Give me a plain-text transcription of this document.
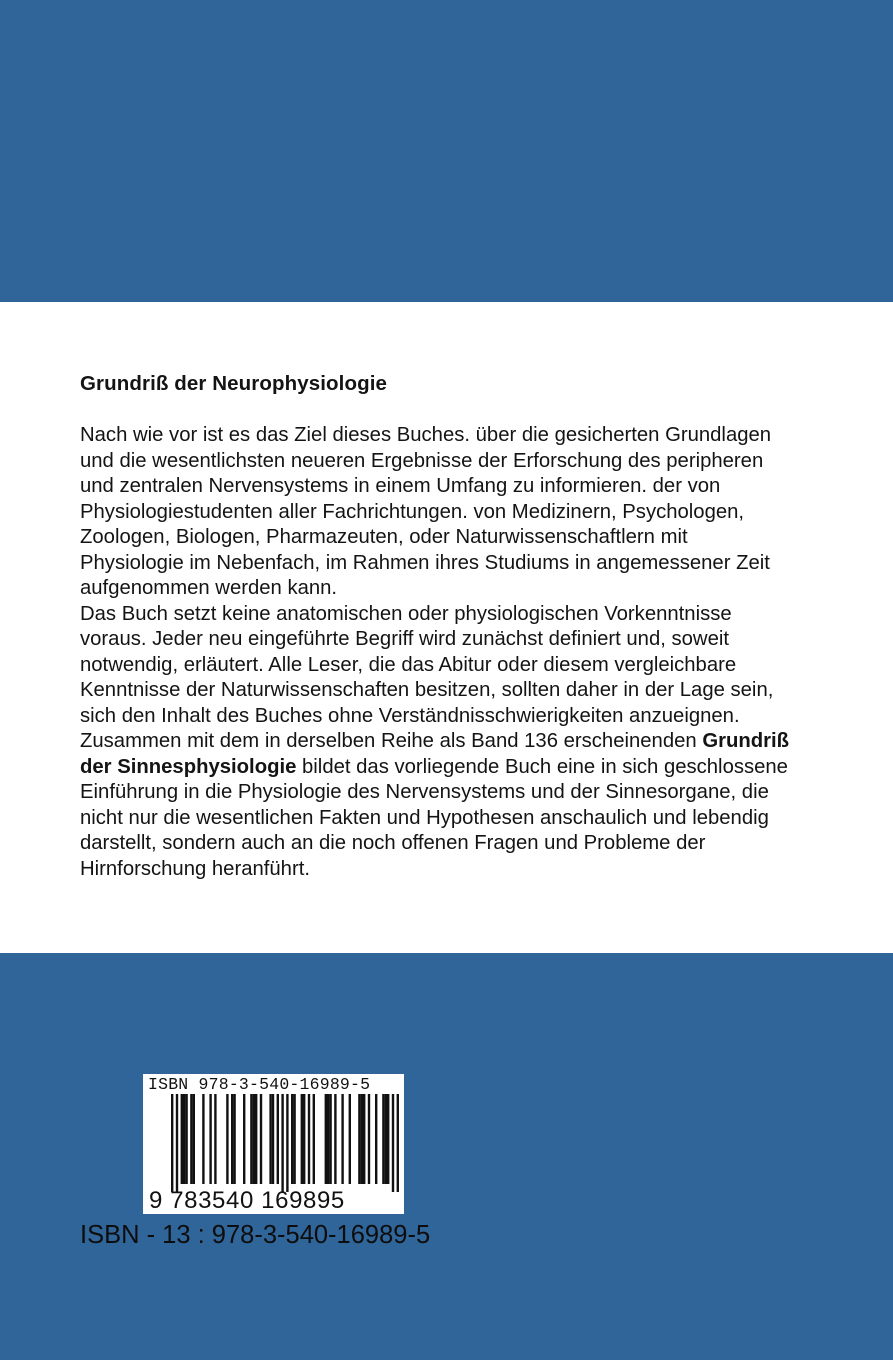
Grundriß der Neurophysiologie
Nach wie vor ist es das Ziel dieses Buches. über die gesicherten Grundlagen
und die wesentlichsten neueren Ergebnisse der Erforschung des peripheren
und zentralen Nervensystems in einem Umfang zu informieren. der von
Physiologiestudenten aller Fachrichtungen. von Medizinern, Psychologen,
Zoologen, Biologen, Pharmazeuten, oder Naturwissenschaftlern mit
Physiologie im Nebenfach, im Rahmen ihres Studiums in angemessener Zeit
aufgenommen werden kann.
Das Buch setzt keine anatomischen oder physiologischen Vorkenntnisse
voraus. Jeder neu eingeführte Begriff wird zunächst definiert und, soweit
notwendig, erläutert. Alle Leser, die das Abitur oder diesem vergleichbare
Kenntnisse der Naturwissenschaften besitzen, sollten daher in der Lage sein,
sich den Inhalt des Buches ohne Verständnisschwierigkeiten anzueignen.
Zusammen mit dem in derselben Reihe als Band 136 erscheinenden Grundriß
der Sinnesphysiologie bildet das vorliegende Buch eine in sich geschlossene
Einführung in die Physiologie des Nervensystems und der Sinnesorgane, die
nicht nur die wesentlichen Fakten und Hypothesen anschaulich und lebendig
darstellt, sondern auch an die noch offenen Fragen und Probleme der
Hirnforschung heranführt.
ISBN 978-3-540-16989-5
9 783540 169895
ISBN - 13 : 978-3-540-16989-5
